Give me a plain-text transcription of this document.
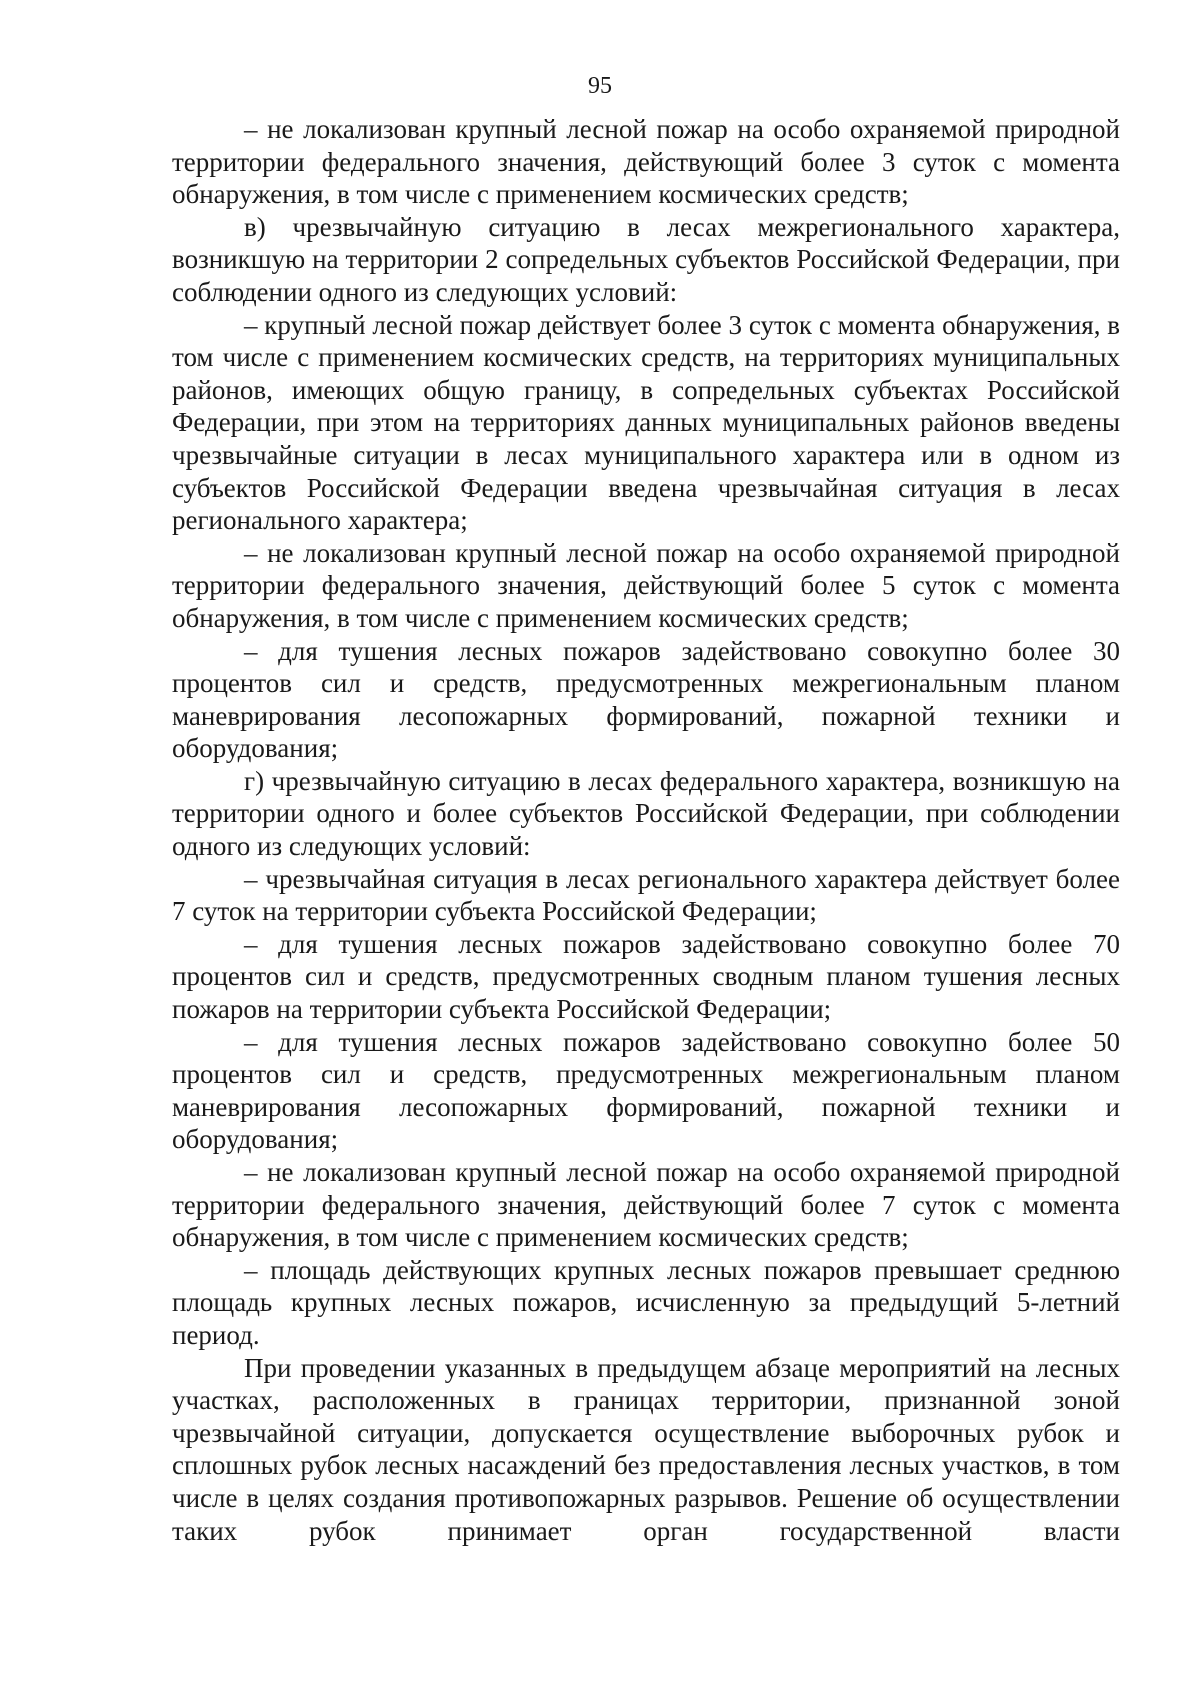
95

– не локализован крупный лесной пожар на особо охраняемой природной территории федерального значения, действующий более 3 суток с момента обнаружения, в том числе с применением космических средств;

в) чрезвычайную ситуацию в лесах межрегионального характера, возникшую на территории 2 сопредельных субъектов Российской Федерации, при соблюдении одного из следующих условий:

– крупный лесной пожар действует более 3 суток с момента обнаружения, в том числе с применением космических средств, на территориях муниципальных районов, имеющих общую границу, в сопредельных субъектах Российской Федерации, при этом на территориях данных муниципальных районов введены чрезвычайные ситуации в лесах муниципального характера или в одном из субъектов Российской Федерации введена чрезвычайная ситуация в лесах регионального характера;

– не локализован крупный лесной пожар на особо охраняемой природной территории федерального значения, действующий более 5 суток с момента обнаружения, в том числе с применением космических средств;

– для тушения лесных пожаров задействовано совокупно более 30 процентов сил и средств, предусмотренных межрегиональным планом маневрирования лесопожарных формирований, пожарной техники и оборудования;

г) чрезвычайную ситуацию в лесах федерального характера, возникшую на территории одного и более субъектов Российской Федерации, при соблюдении одного из следующих условий:

– чрезвычайная ситуация в лесах регионального характера действует более 7 суток на территории субъекта Российской Федерации;

– для тушения лесных пожаров задействовано совокупно более 70 процентов сил и средств, предусмотренных сводным планом тушения лесных пожаров на территории субъекта Российской Федерации;

– для тушения лесных пожаров задействовано совокупно более 50 процентов сил и средств, предусмотренных межрегиональным планом маневрирования лесопожарных формирований, пожарной техники и оборудования;

– не локализован крупный лесной пожар на особо охраняемой природной территории федерального значения, действующий более 7 суток с момента обнаружения, в том числе с применением космических средств;

– площадь действующих крупных лесных пожаров превышает среднюю площадь крупных лесных пожаров, исчисленную за предыдущий 5-летний период.

При проведении указанных в предыдущем абзаце мероприятий на лесных участках, расположенных в границах территории, признанной зоной чрезвычайной ситуации, допускается осуществление выборочных рубок и сплошных рубок лесных насаждений без предоставления лесных участков, в том числе в целях создания противопожарных разрывов. Решение об осуществлении таких рубок принимает орган государственной власти
